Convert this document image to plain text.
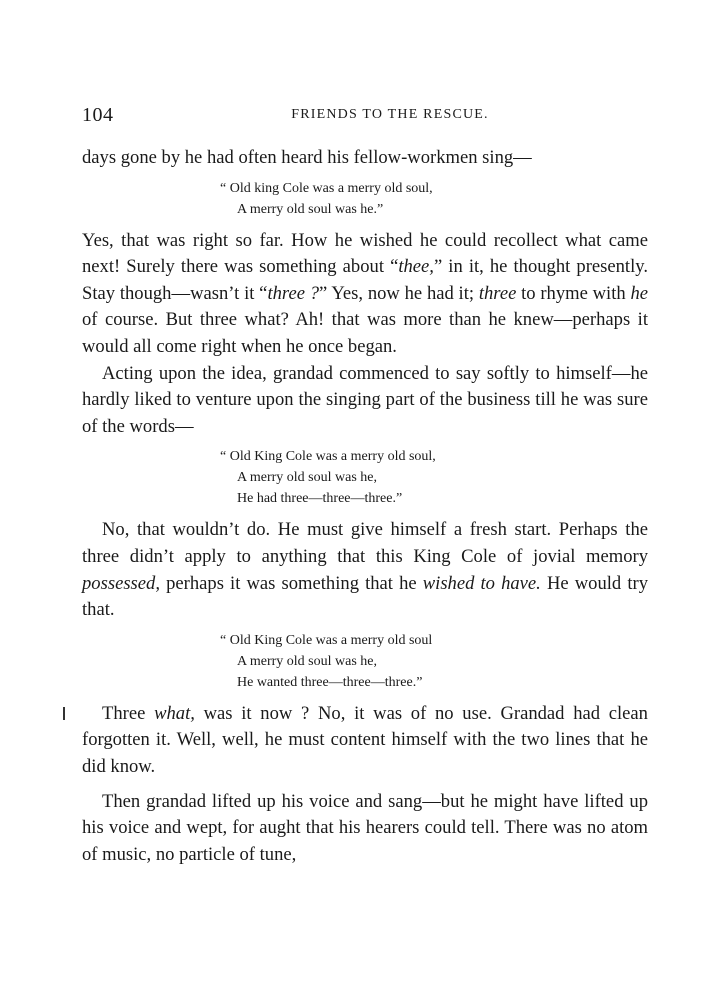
104	FRIENDS TO THE RESCUE.

days gone by he had often heard his fellow-workmen sing—

“ Old king Cole was a merry old soul,
A merry old soul was he.”

Yes, that was right so far. How he wished he could recollect what came next! Surely there was something about “thee,” in it, he thought presently. Stay though—wasn’t it “three ?” Yes, now he had it; three to rhyme with he of course. But three what? Ah! that was more than he knew—perhaps it would all come right when he once began.

Acting upon the idea, grandad commenced to say softly to himself—he hardly liked to venture upon the singing part of the business till he was sure of the words—

“ Old King Cole was a merry old soul,
A merry old soul was he,
He had three—three—three.”

No, that wouldn’t do. He must give himself a fresh start. Perhaps the three didn’t apply to anything that this King Cole of jovial memory possessed, perhaps it was something that he wished to have. He would try that.

“ Old King Cole was a merry old soul
A merry old soul was he,
He wanted three—three—three.”

Three what, was it now ? No, it was of no use. Grandad had clean forgotten it. Well, well, he must content himself with the two lines that he did know.

Then grandad lifted up his voice and sang—but he might have lifted up his voice and wept, for aught that his hearers could tell. There was no atom of music, no particle of tune,
